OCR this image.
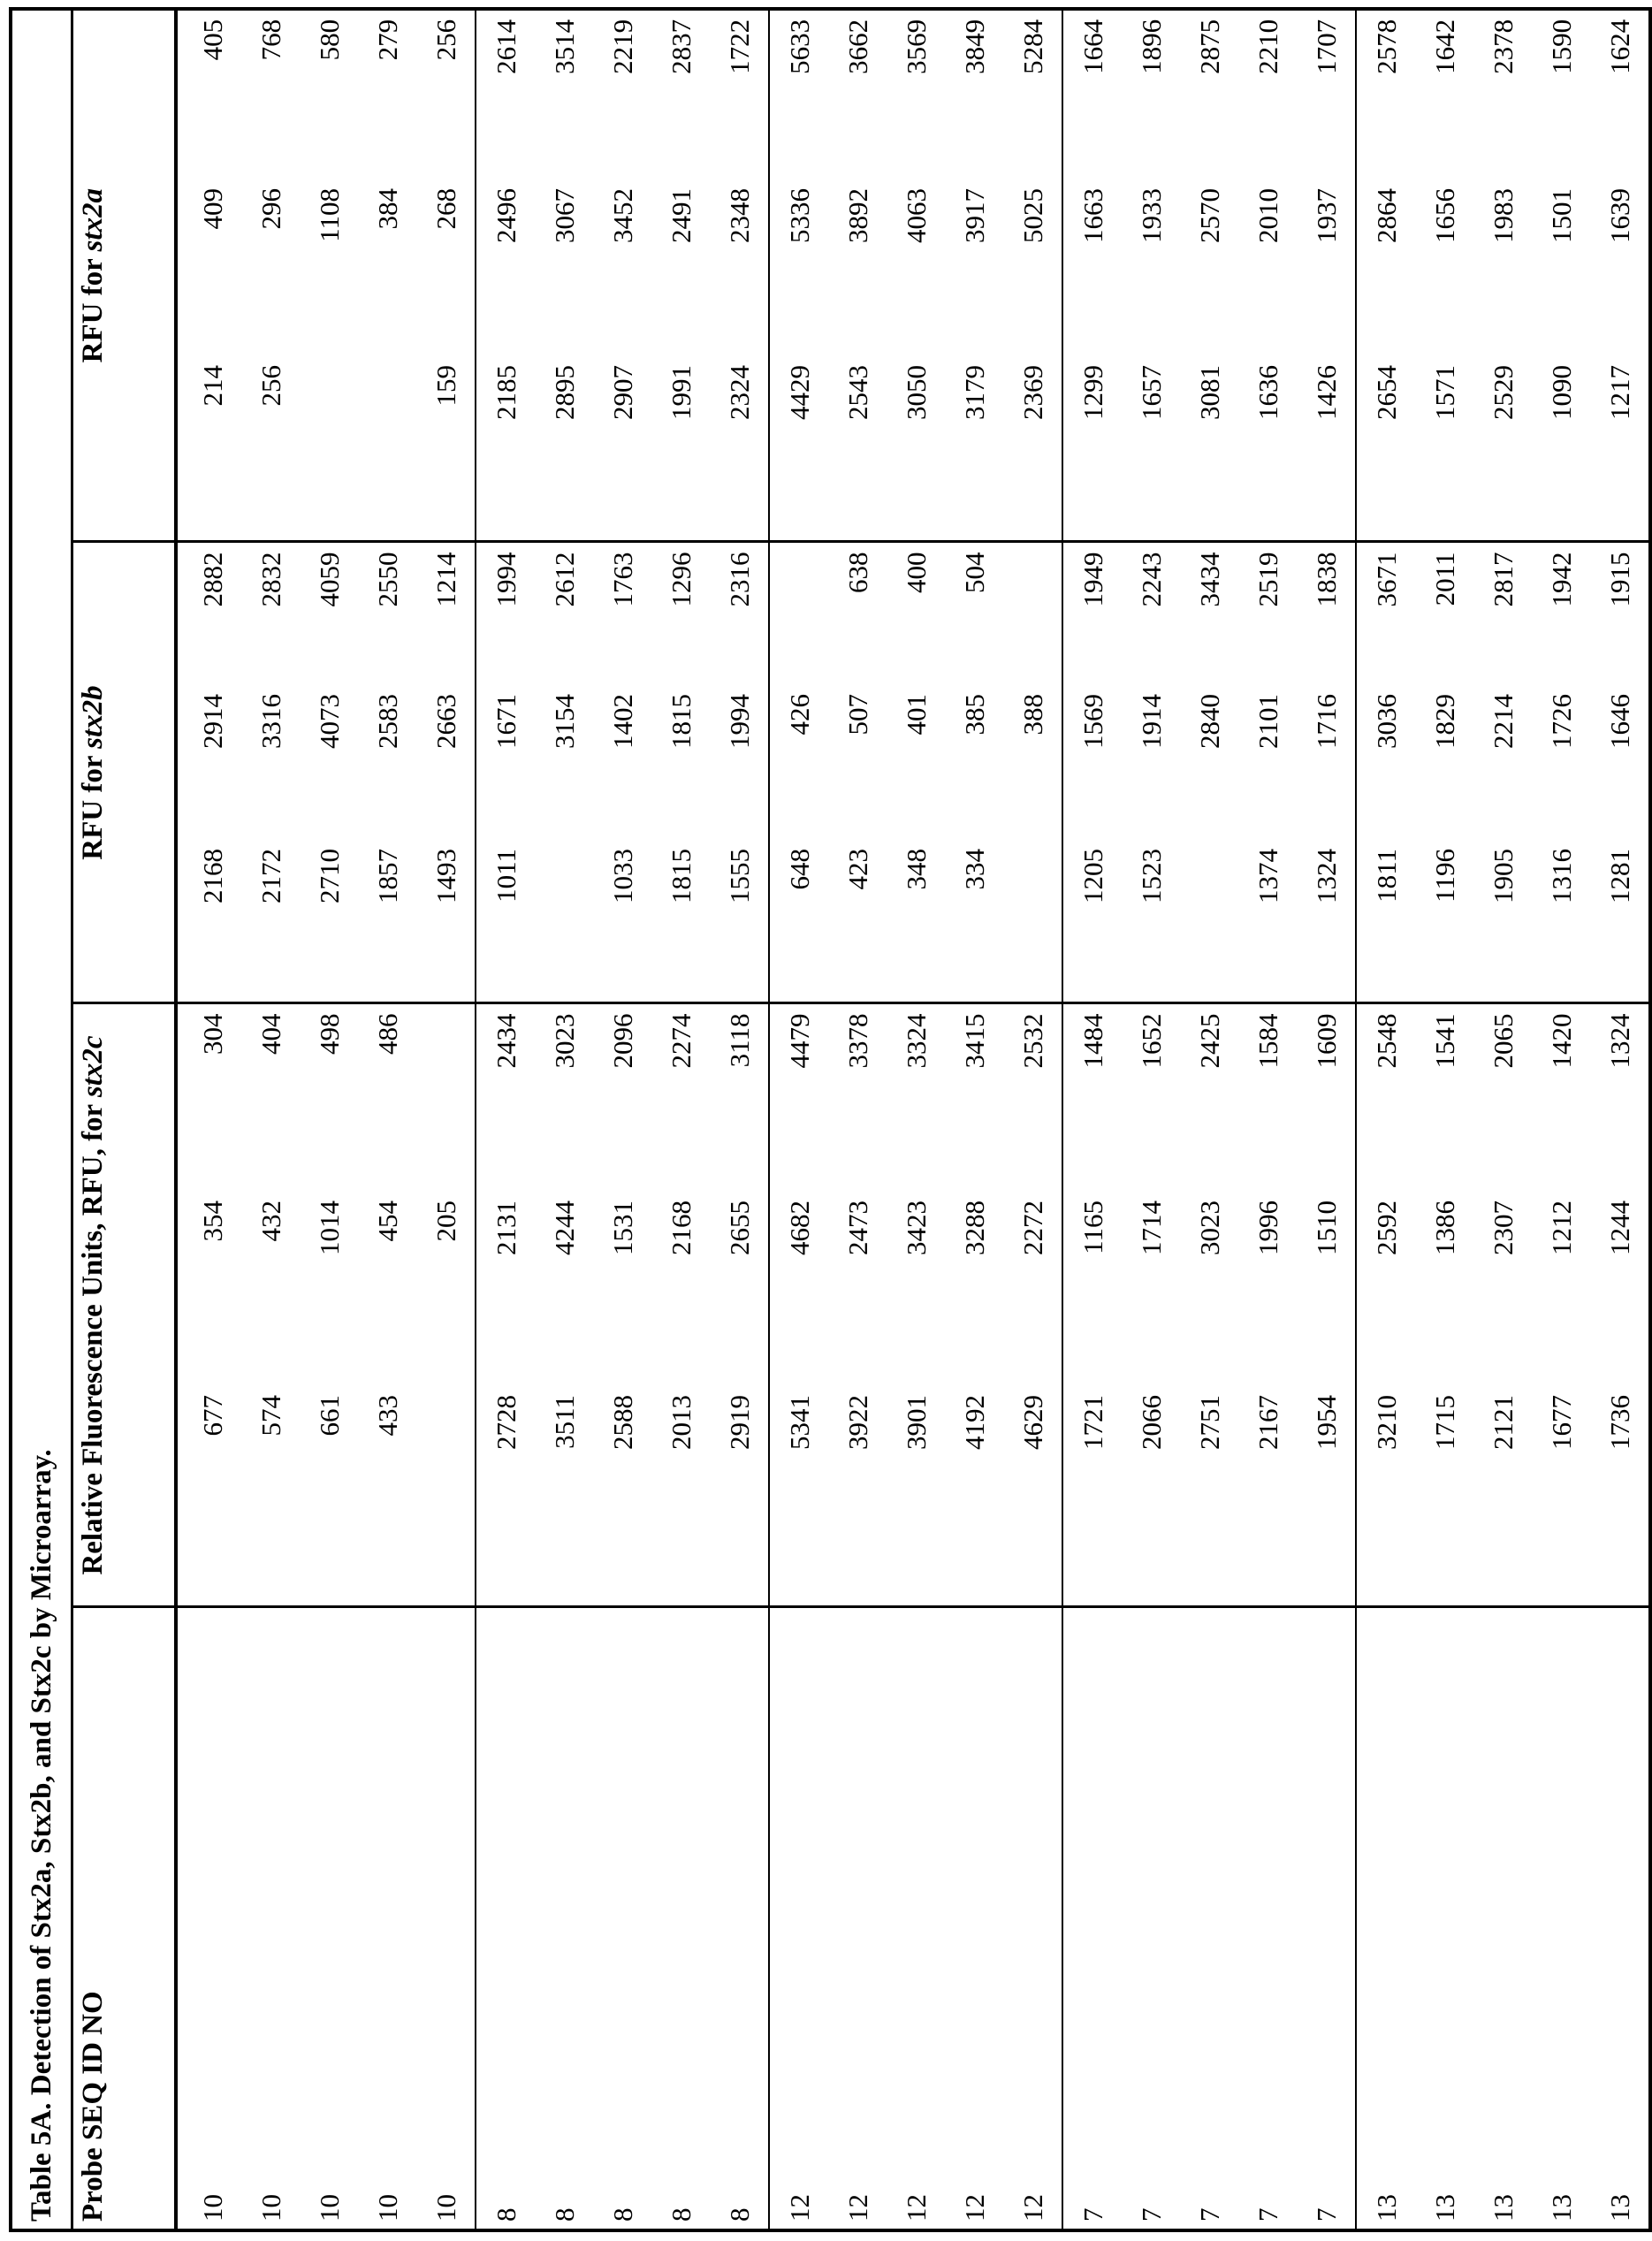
Table 5A. Detection of Stx2a, Stx2b, and Stx2c by Microarray.Probe SEQ ID NO	Relative Fluorescence Units, RFU, for stx2c	RFU for stx2b	RFU for stx2a
10	677	354	304	2168	2914	2882	214	409	405
10	574	432	404	2172	3316	2832	256	296	768
10	661	1014	498	2710	4073	4059		1108	580
10	433	454	486	1857	2583	2550		384	279
10		205		1493	2663	1214	159	268	256
8	2728	2131	2434	1011	1671	1994	2185	2496	2614
8	3511	4244	3023		3154	2612	2895	3067	3514
8	2588	1531	2096	1033	1402	1763	2907	3452	2219
8	2013	2168	2274	1815	1815	1296	1991	2491	2837
8	2919	2655	3118	1555	1994	2316	2324	2348	1722
12	5341	4682	4479	648	426		4429	5336	5633
12	3922	2473	3378	423	507	638	2543	3892	3662
12	3901	3423	3324	348	401	400	3050	4063	3569
12	4192	3288	3415	334	385	504	3179	3917	3849
12	4629	2272	2532		388		2369	5025	5284
7	1721	1165	1484	1205	1569	1949	1299	1663	1664
7	2066	1714	1652	1523	1914	2243	1657	1933	1896
7	2751	3023	2425		2840	3434	3081	2570	2875
7	2167	1996	1584	1374	2101	2519	1636	2010	2210
7	1954	1510	1609	1324	1716	1838	1426	1937	1707
13	3210	2592	2548	1811	3036	3671	2654	2864	2578
13	1715	1386	1541	1196	1829	2011	1571	1656	1642
13	2121	2307	2065	1905	2214	2817	2529	1983	2378
13	1677	1212	1420	1316	1726	1942	1090	1501	1590
13	1736	1244	1324	1281	1646	1915	1217	1639	1624
